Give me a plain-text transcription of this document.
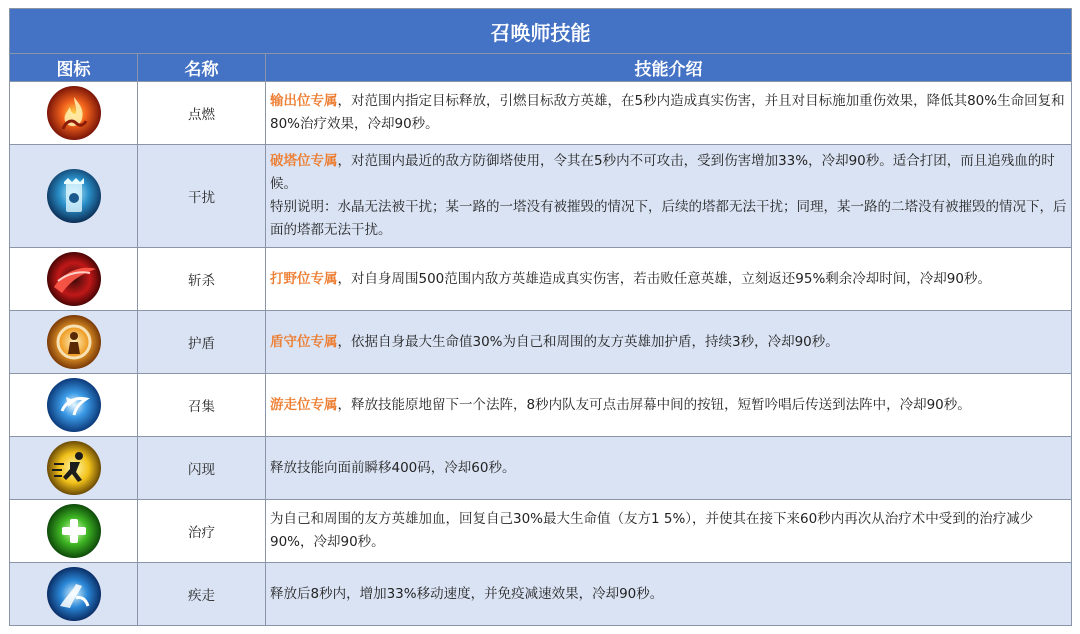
召唤师技能		
图标	名称	技能介绍

	点燃	输出位专属，对范围内指定目标释放，引燃目标敌方英雄，在5秒内造成真实伤害，并且对目标施加重伤效果，降低其80%生命回复和80%治疗效果，冷却90秒。

	干扰	破塔位专属，对范围内最近的敌方防御塔使用，令其在5秒内不可攻击，受到伤害增加33%，冷却90秒。适合打团，而且追残血的时候。
特别说明：水晶无法被干扰；某一路的一塔没有被摧毁的情况下，后续的塔都无法干扰；同理，某一路的二塔没有被摧毁的情况下，后面的塔都无法干扰。

	斩杀	打野位专属，对自身周围500范围内敌方英雄造成真实伤害，若击败任意英雄，立刻返还95%剩余冷却时间，冷却90秒。

	护盾	盾守位专属，依据自身最大生命值30%为自己和周围的友方英雄加护盾，持续3秒，冷却90秒。

	召集	游走位专属，释放技能原地留下一个法阵，8秒内队友可点击屏幕中间的按钮，短暂吟唱后传送到法阵中，冷却90秒。

	闪现	释放技能向面前瞬移400码，冷却60秒。

	治疗	为自己和周围的友方英雄加血，回复自己30%最大生命值（友方1 5%），并使其在接下来60秒内再次从治疗术中受到的治疗减少90%，冷却90秒。

	疾走	释放后8秒内，增加33%移动速度，并免疫减速效果，冷却90秒。
